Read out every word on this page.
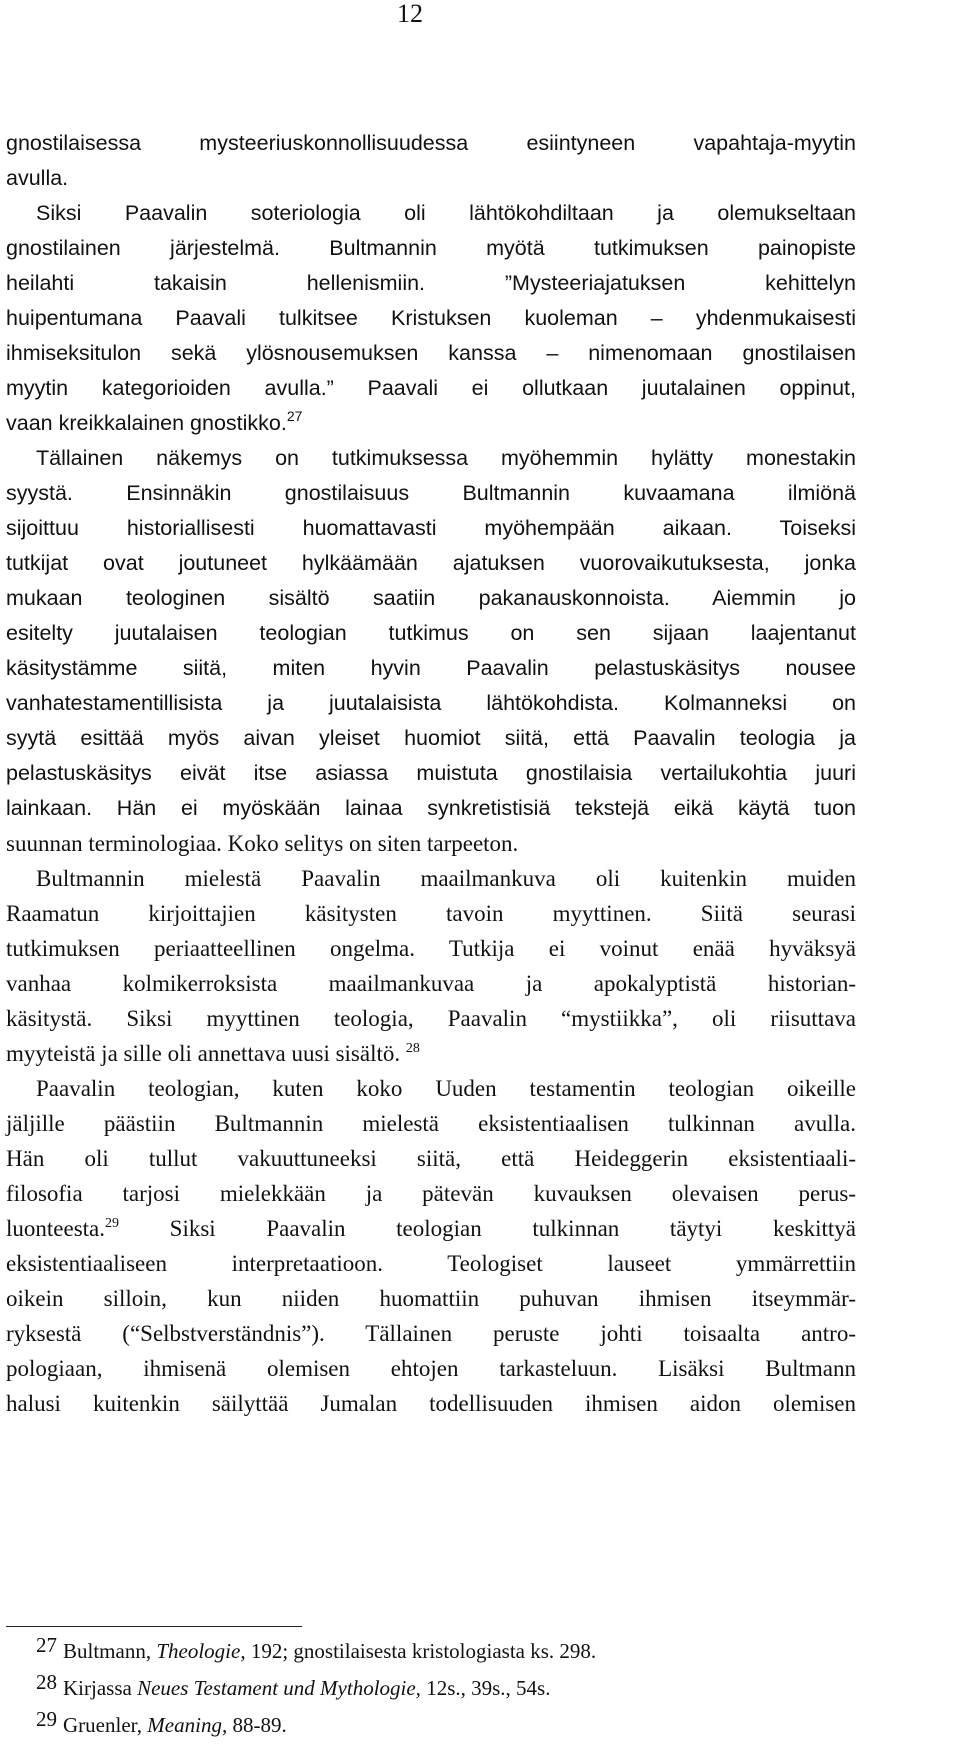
12
gnostilaisessa mysteeriuskonnollisuudessa esiintyneen vapahtaja-myytin
avulla.
Siksi Paavalin soteriologia oli lähtökohdiltaan ja olemukseltaan
gnostilainen järjestelmä. Bultmannin myötä tutkimuksen painopiste
heilahti takaisin hellenismiin. ”Mysteeriajatuksen kehittelyn
huipentumana Paavali tulkitsee Kristuksen kuoleman – yhdenmukaisesti
ihmiseksitulon sekä ylösnousemuksen kanssa – nimenomaan gnostilaisen
myytin kategorioiden avulla.” Paavali ei ollutkaan juutalainen oppinut,
vaan kreikkalainen gnostikko.$^{27}$
Tällainen näkemys on tutkimuksessa myöhemmin hylätty monestakin
syystä. Ensinnäkin gnostilaisuus Bultmannin kuvaamana ilmiönä
sijoittuu historiallisesti huomattavasti myöhempään aikaan. Toiseksi
tutkijat ovat joutuneet hylkäämään ajatuksen vuorovaikutuksesta, jonka
mukaan teologinen sisältö saatiin pakanauskonnoista. Aiemmin jo
esitelty juutalaisen teologian tutkimus on sen sijaan laajentanut
käsitystämme siitä, miten hyvin Paavalin pelastuskäsitys nousee
vanhatestamentillisista ja juutalaisista lähtökohdista. Kolmanneksi on
syytä esittää myös aivan yleiset huomiot siitä, että Paavalin teologia ja
pelastuskäsitys eivät itse asiassa muistuta gnostilaisia vertailukohtia juuri
lainkaan. Hän ei myöskään lainaa synkretistisiä tekstejä eikä käytä tuon
suunnan terminologiaa. Koko selitys on siten tarpeeton.
Bultmannin mielestä Paavalin maailmankuva oli kuitenkin muiden
Raamatun kirjoittajien käsitysten tavoin myyttinen. Siitä seurasi
tutkimuksen periaatteellinen ongelma. Tutkija ei voinut enää hyväksyä
vanhaa kolmikerroksista maailmankuvaa ja apokalyptistä historian-
käsitystä. Siksi myyttinen teologia, Paavalin “mystiikka”, oli riisuttava
myyteistä ja sille oli annettava uusi sisältö. $^{28}$
Paavalin teologian, kuten koko Uuden testamentin teologian oikeille
jäljille päästiin Bultmannin mielestä eksistentiaalisen tulkinnan avulla.
Hän oli tullut vakuuttuneeksi siitä, että Heideggerin eksistentiaali-
filosofia tarjosi mielekkään ja pätevän kuvauksen olevaisen perus-
luonteesta.$^{29}$ Siksi Paavalin teologian tulkinnan täytyi keskittyä
eksistentiaaliseen interpretaatioon. Teologiset lauseet ymmärrettiin
oikein silloin, kun niiden huomattiin puhuvan ihmisen itseymmär-
ryksestä (“Selbstverständnis”). Tällainen peruste johti toisaalta antro-
pologiaan, ihmisenä olemisen ehtojen tarkasteluun. Lisäksi Bultmann
halusi kuitenkin säilyttää Jumalan todellisuuden ihmisen aidon olemisen
27 Bultmann, Theologie, 192; gnostilaisesta kristologiasta ks. 298.
28 Kirjassa Neues Testament und Mythologie, 12s., 39s., 54s.
29 Gruenler, Meaning, 88-89.
